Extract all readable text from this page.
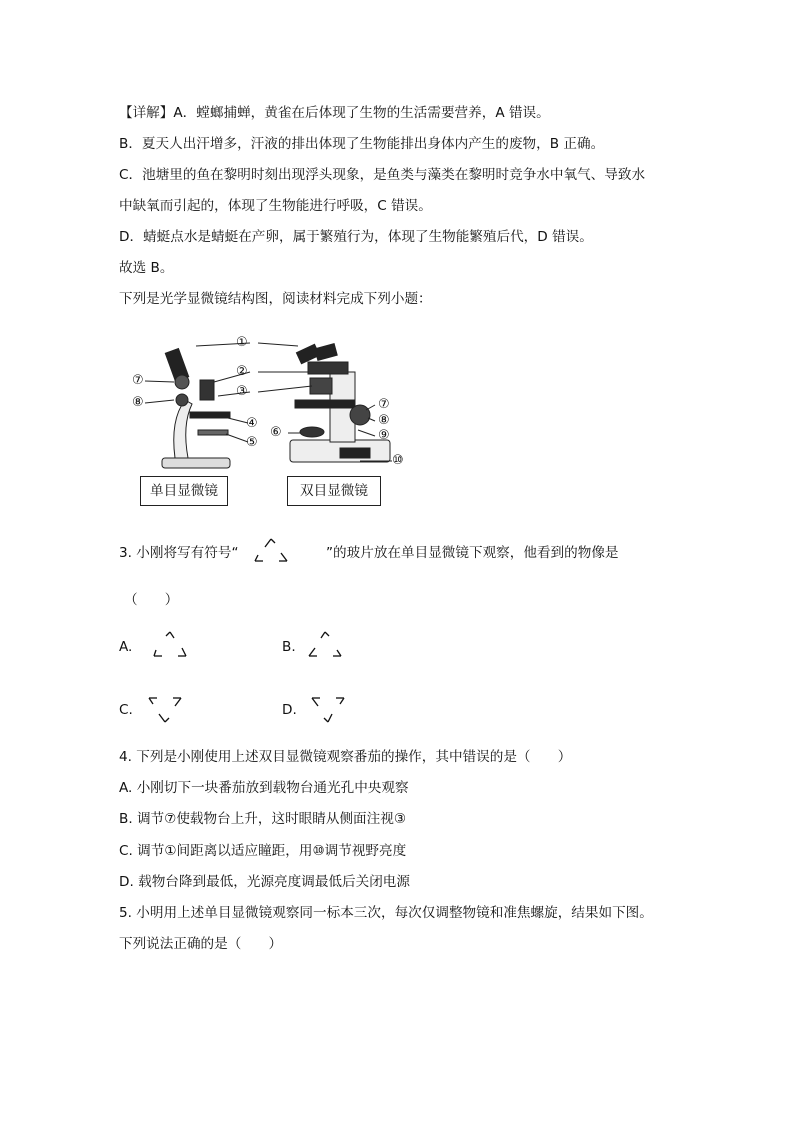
【详解】A．螳螂捕蝉，黄雀在后体现了生物的生活需要营养，A 错误。
B．夏天人出汗增多，汗液的排出体现了生物能排出身体内产生的废物，B 正确。
C．池塘里的鱼在黎明时刻出现浮头现象，是鱼类与藻类在黎明时竞争水中氧气、导致水
中缺氧而引起的，体现了生物能进行呼吸，C 错误。
D．蜻蜓点水是蜻蜓在产卵，属于繁殖行为，体现了生物能繁殖后代，D 错误。
故选 B。
下列是光学显微镜结构图，阅读材料完成下列小题：
①
②
③
④
⑤
⑥
⑦
⑧	⑦
⑧
⑨
⑩
单目显微镜	双目显微镜
3. 小刚将写有符号“	”的玻片放在单目显微镜下观察，他看到的物像是
（　　）
A.	B.
C.	D.
4. 下列是小刚使用上述双目显微镜观察番茄的操作，其中错误的是（　　）
A. 小刚切下一块番茄放到载物台通光孔中央观察
B. 调节⑦使载物台上升，这时眼睛从侧面注视③
C. 调节①间距离以适应瞳距，用⑩调节视野亮度
D. 载物台降到最低，光源亮度调最低后关闭电源
5. 小明用上述单目显微镜观察同一标本三次，每次仅调整物镜和准焦螺旋，结果如下图。
下列说法正确的是（　　）
